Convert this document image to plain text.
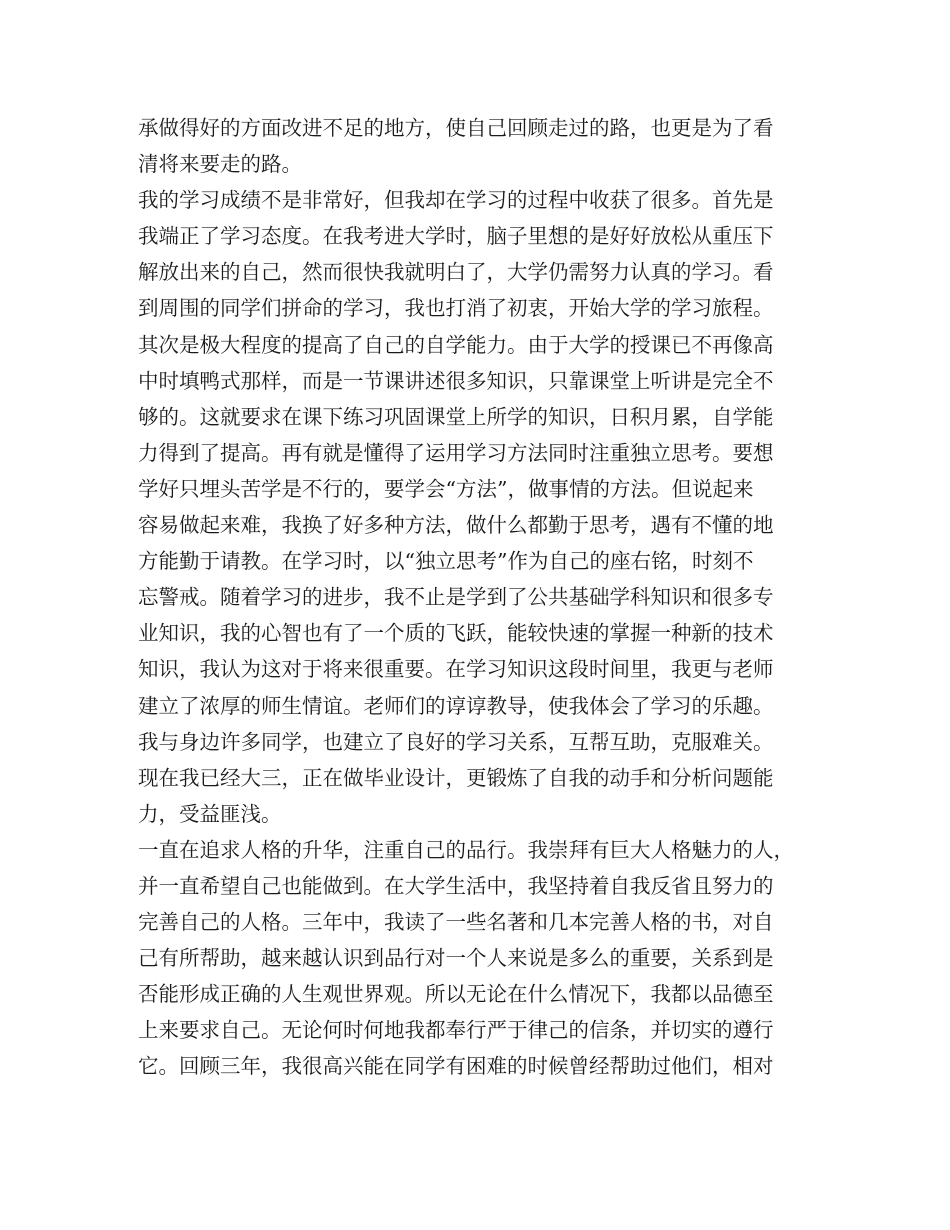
承做得好的方面改进不足的地方，使自己回顾走过的路，也更是为了看
清将来要走的路。
我的学习成绩不是非常好，但我却在学习的过程中收获了很多。首先是
我端正了学习态度。在我考进大学时，脑子里想的是好好放松从重压下
解放出来的自己，然而很快我就明白了，大学仍需努力认真的学习。看
到周围的同学们拼命的学习，我也打消了初衷，开始大学的学习旅程。
其次是极大程度的提高了自己的自学能力。由于大学的授课已不再像高
中时填鸭式那样，而是一节课讲述很多知识，只靠课堂上听讲是完全不
够的。这就要求在课下练习巩固课堂上所学的知识，日积月累，自学能
力得到了提高。再有就是懂得了运用学习方法同时注重独立思考。要想
学好只埋头苦学是不行的，要学会“方法”，做事情的方法。但说起来
容易做起来难，我换了好多种方法，做什么都勤于思考，遇有不懂的地
方能勤于请教。在学习时，以“独立思考”作为自己的座右铭，时刻不
忘警戒。随着学习的进步，我不止是学到了公共基础学科知识和很多专
业知识，我的心智也有了一个质的飞跃，能较快速的掌握一种新的技术
知识，我认为这对于将来很重要。在学习知识这段时间里，我更与老师
建立了浓厚的师生情谊。老师们的谆谆教导，使我体会了学习的乐趣。
我与身边许多同学，也建立了良好的学习关系，互帮互助，克服难关。
现在我已经大三，正在做毕业设计，更锻炼了自我的动手和分析问题能
力，受益匪浅。
一直在追求人格的升华，注重自己的品行。我崇拜有巨大人格魅力的人，
并一直希望自己也能做到。在大学生活中，我坚持着自我反省且努力的
完善自己的人格。三年中，我读了一些名著和几本完善人格的书，对自
己有所帮助，越来越认识到品行对一个人来说是多么的重要，关系到是
否能形成正确的人生观世界观。所以无论在什么情况下，我都以品德至
上来要求自己。无论何时何地我都奉行严于律己的信条，并切实的遵行
它。回顾三年，我很高兴能在同学有困难的时候曾经帮助过他们，相对
